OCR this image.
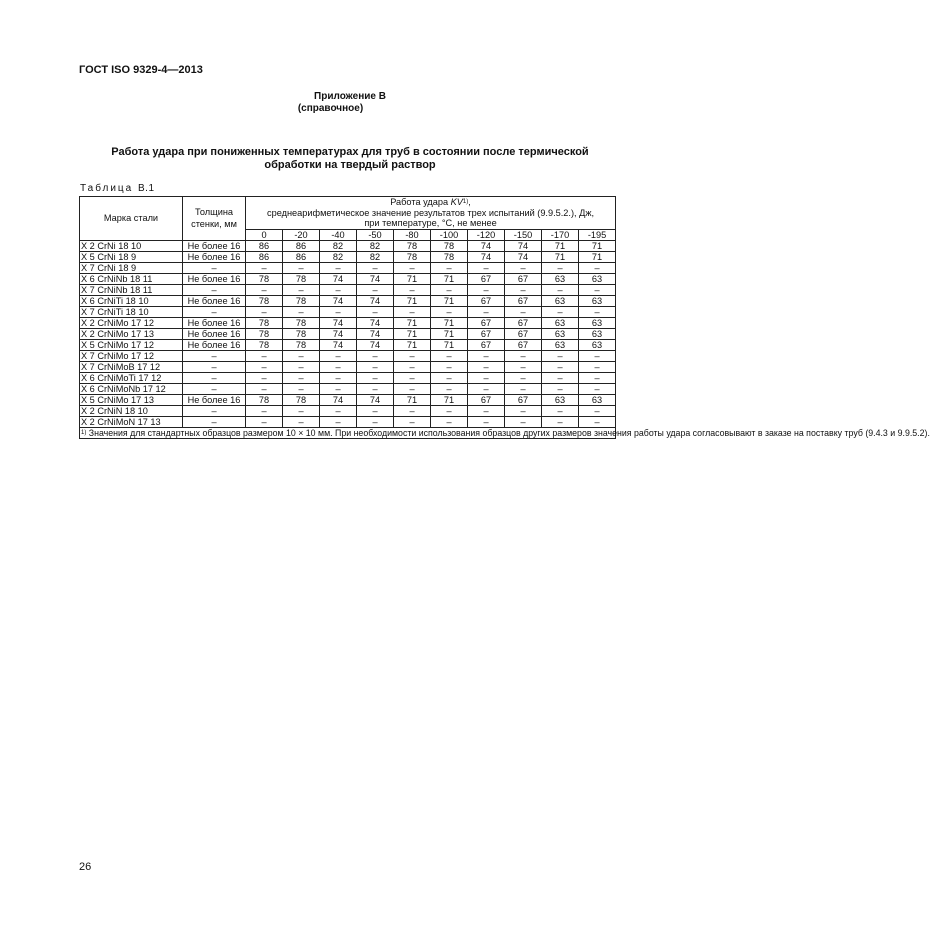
ГОСТ ISO 9329-4—2013
Приложение В
(справочное)
Работа удара при пониженных температурах для труб в состоянии после термической обработки на твердый раствор
Таблица В.1
Марка стали	Толщина стенки, мм	Работа удара KV$^{1)}$,
среднеарифметическое значение результатов трех испытаний (9.9.5.2.), Дж,
при температуре, °С, не менее									
		0	-20	-40	-50	-80	-100	-120	-150	-170	-195
X 2 CrNi 18 10	Не более 16	86	86	82	82	78	78	74	74	71	71
X 5 CrNi 18 9	Не более 16	86	86	82	82	78	78	74	74	71	71
X 7 CrNi 18 9	–	–	–	–	–	–	–	–	–	–	–
X 6 CrNiNb 18 11	Не более 16	78	78	74	74	71	71	67	67	63	63
X 7 CrNiNb 18 11	–	–	–	–	–	–	–	–	–	–	–
X 6 CrNiTi 18 10	Не более 16	78	78	74	74	71	71	67	67	63	63
X 7 CrNiTi 18 10	–	–	–	–	–	–	–	–	–	–	–
X 2 CrNiMo 17 12	Не более 16	78	78	74	74	71	71	67	67	63	63
X 2 CrNiMo 17 13	Не более 16	78	78	74	74	71	71	67	67	63	63
X 5 CrNiMo 17 12	Не более 16	78	78	74	74	71	71	67	67	63	63
X 7 CrNiMo 17 12	–	–	–	–	–	–	–	–	–	–	–
X 7 CrNiMoB 17 12	–	–	–	–	–	–	–	–	–	–	–
X 6 CrNiMoTi 17 12	–	–	–	–	–	–	–	–	–	–	–
X 6 CrNiMoNb 17 12	–	–	–	–	–	–	–	–	–	–	–
X 5 CrNiMo 17 13	Не более 16	78	78	74	74	71	71	67	67	63	63
X 2 CrNiN 18 10	–	–	–	–	–	–	–	–	–	–	–
X 2 CrNiMoN 17 13	–	–	–	–	–	–	–	–	–	–	–
$^{1)}$ Значения для стандартных образцов размером 10 × 10 мм. При необходимости использования образцов других размеров значения работы удара согласовывают в заказе на поставку труб (9.4.3 и 9.9.5.2).											
26
